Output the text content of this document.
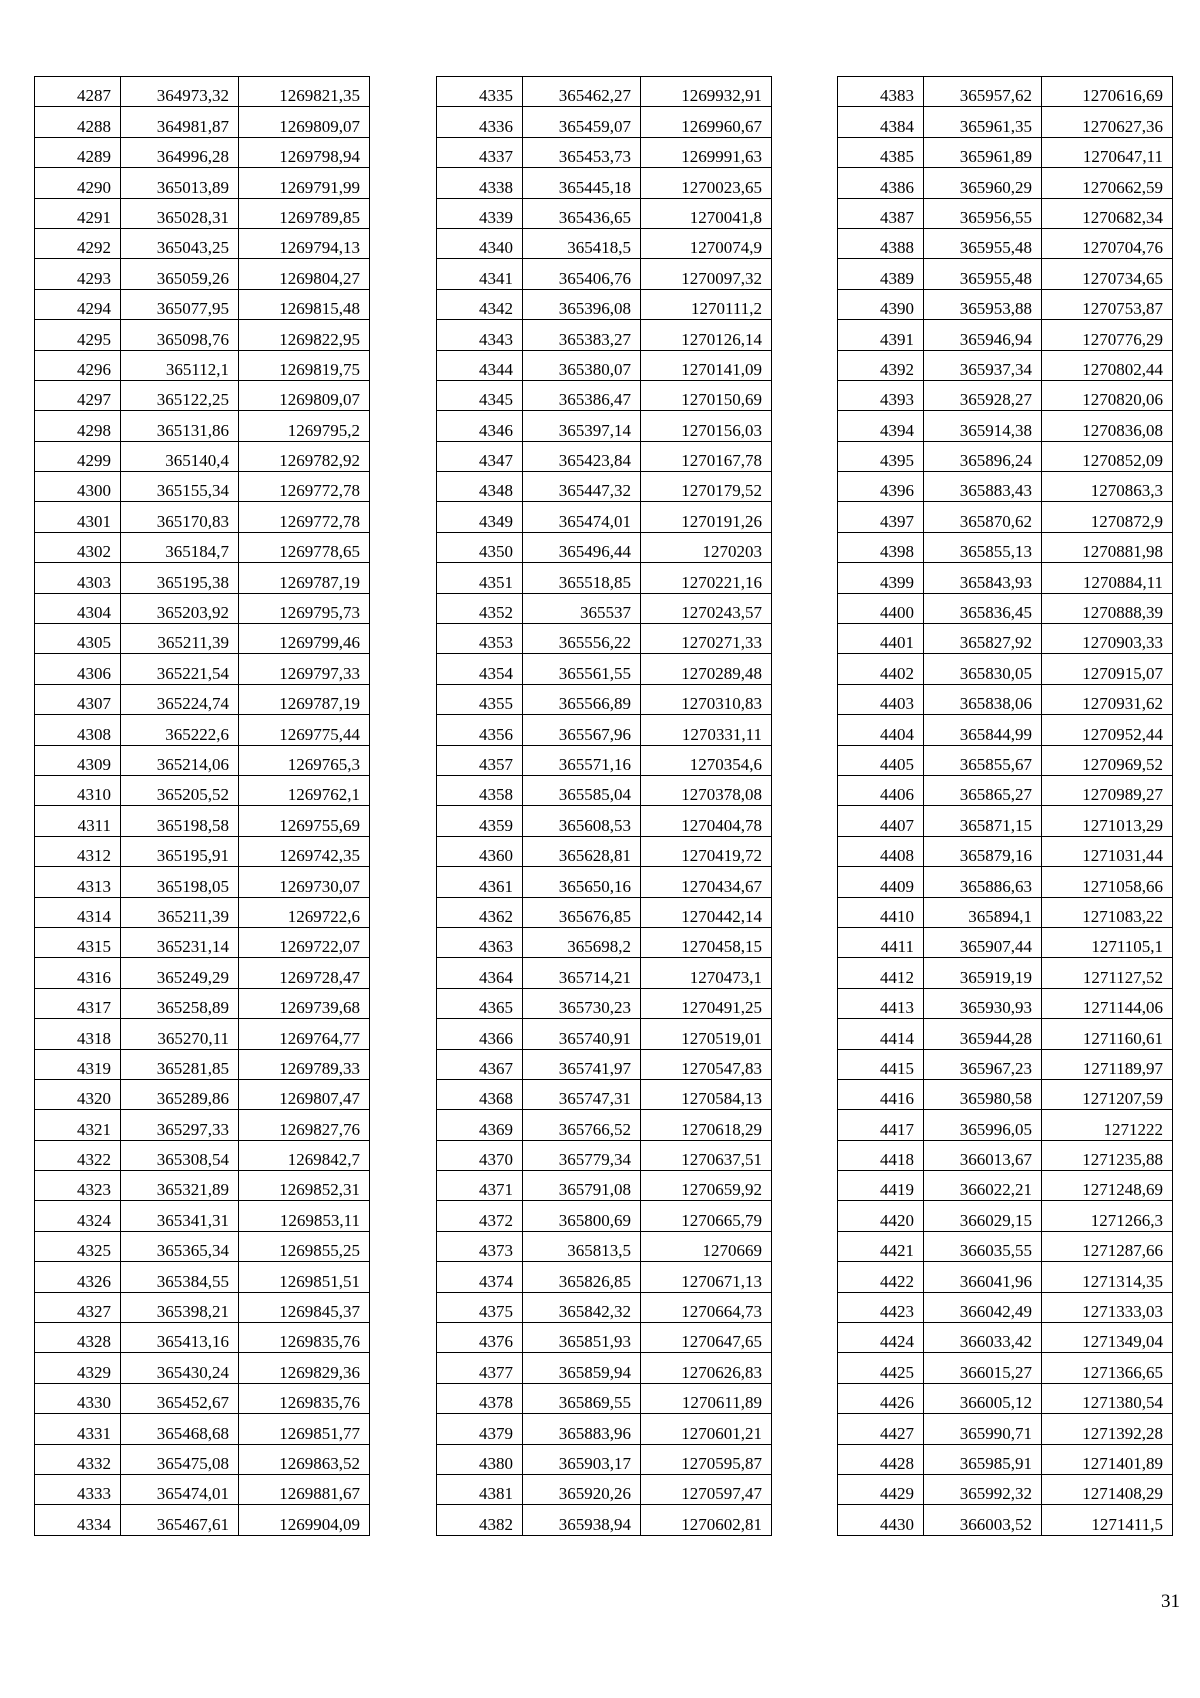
4287	364973,32	1269821,35
4288	364981,87	1269809,07
4289	364996,28	1269798,94
4290	365013,89	1269791,99
4291	365028,31	1269789,85
4292	365043,25	1269794,13
4293	365059,26	1269804,27
4294	365077,95	1269815,48
4295	365098,76	1269822,95
4296	365112,1	1269819,75
4297	365122,25	1269809,07
4298	365131,86	1269795,2
4299	365140,4	1269782,92
4300	365155,34	1269772,78
4301	365170,83	1269772,78
4302	365184,7	1269778,65
4303	365195,38	1269787,19
4304	365203,92	1269795,73
4305	365211,39	1269799,46
4306	365221,54	1269797,33
4307	365224,74	1269787,19
4308	365222,6	1269775,44
4309	365214,06	1269765,3
4310	365205,52	1269762,1
4311	365198,58	1269755,69
4312	365195,91	1269742,35
4313	365198,05	1269730,07
4314	365211,39	1269722,6
4315	365231,14	1269722,07
4316	365249,29	1269728,47
4317	365258,89	1269739,68
4318	365270,11	1269764,77
4319	365281,85	1269789,33
4320	365289,86	1269807,47
4321	365297,33	1269827,76
4322	365308,54	1269842,7
4323	365321,89	1269852,31
4324	365341,31	1269853,11
4325	365365,34	1269855,25
4326	365384,55	1269851,51
4327	365398,21	1269845,37
4328	365413,16	1269835,76
4329	365430,24	1269829,36
4330	365452,67	1269835,76
4331	365468,68	1269851,77
4332	365475,08	1269863,52
4333	365474,01	1269881,67
4334	365467,61	1269904,09
4335	365462,27	1269932,91
4336	365459,07	1269960,67
4337	365453,73	1269991,63
4338	365445,18	1270023,65
4339	365436,65	1270041,8
4340	365418,5	1270074,9
4341	365406,76	1270097,32
4342	365396,08	1270111,2
4343	365383,27	1270126,14
4344	365380,07	1270141,09
4345	365386,47	1270150,69
4346	365397,14	1270156,03
4347	365423,84	1270167,78
4348	365447,32	1270179,52
4349	365474,01	1270191,26
4350	365496,44	1270203
4351	365518,85	1270221,16
4352	365537	1270243,57
4353	365556,22	1270271,33
4354	365561,55	1270289,48
4355	365566,89	1270310,83
4356	365567,96	1270331,11
4357	365571,16	1270354,6
4358	365585,04	1270378,08
4359	365608,53	1270404,78
4360	365628,81	1270419,72
4361	365650,16	1270434,67
4362	365676,85	1270442,14
4363	365698,2	1270458,15
4364	365714,21	1270473,1
4365	365730,23	1270491,25
4366	365740,91	1270519,01
4367	365741,97	1270547,83
4368	365747,31	1270584,13
4369	365766,52	1270618,29
4370	365779,34	1270637,51
4371	365791,08	1270659,92
4372	365800,69	1270665,79
4373	365813,5	1270669
4374	365826,85	1270671,13
4375	365842,32	1270664,73
4376	365851,93	1270647,65
4377	365859,94	1270626,83
4378	365869,55	1270611,89
4379	365883,96	1270601,21
4380	365903,17	1270595,87
4381	365920,26	1270597,47
4382	365938,94	1270602,81
4383	365957,62	1270616,69
4384	365961,35	1270627,36
4385	365961,89	1270647,11
4386	365960,29	1270662,59
4387	365956,55	1270682,34
4388	365955,48	1270704,76
4389	365955,48	1270734,65
4390	365953,88	1270753,87
4391	365946,94	1270776,29
4392	365937,34	1270802,44
4393	365928,27	1270820,06
4394	365914,38	1270836,08
4395	365896,24	1270852,09
4396	365883,43	1270863,3
4397	365870,62	1270872,9
4398	365855,13	1270881,98
4399	365843,93	1270884,11
4400	365836,45	1270888,39
4401	365827,92	1270903,33
4402	365830,05	1270915,07
4403	365838,06	1270931,62
4404	365844,99	1270952,44
4405	365855,67	1270969,52
4406	365865,27	1270989,27
4407	365871,15	1271013,29
4408	365879,16	1271031,44
4409	365886,63	1271058,66
4410	365894,1	1271083,22
4411	365907,44	1271105,1
4412	365919,19	1271127,52
4413	365930,93	1271144,06
4414	365944,28	1271160,61
4415	365967,23	1271189,97
4416	365980,58	1271207,59
4417	365996,05	1271222
4418	366013,67	1271235,88
4419	366022,21	1271248,69
4420	366029,15	1271266,3
4421	366035,55	1271287,66
4422	366041,96	1271314,35
4423	366042,49	1271333,03
4424	366033,42	1271349,04
4425	366015,27	1271366,65
4426	366005,12	1271380,54
4427	365990,71	1271392,28
4428	365985,91	1271401,89
4429	365992,32	1271408,29
4430	366003,52	1271411,5
31
